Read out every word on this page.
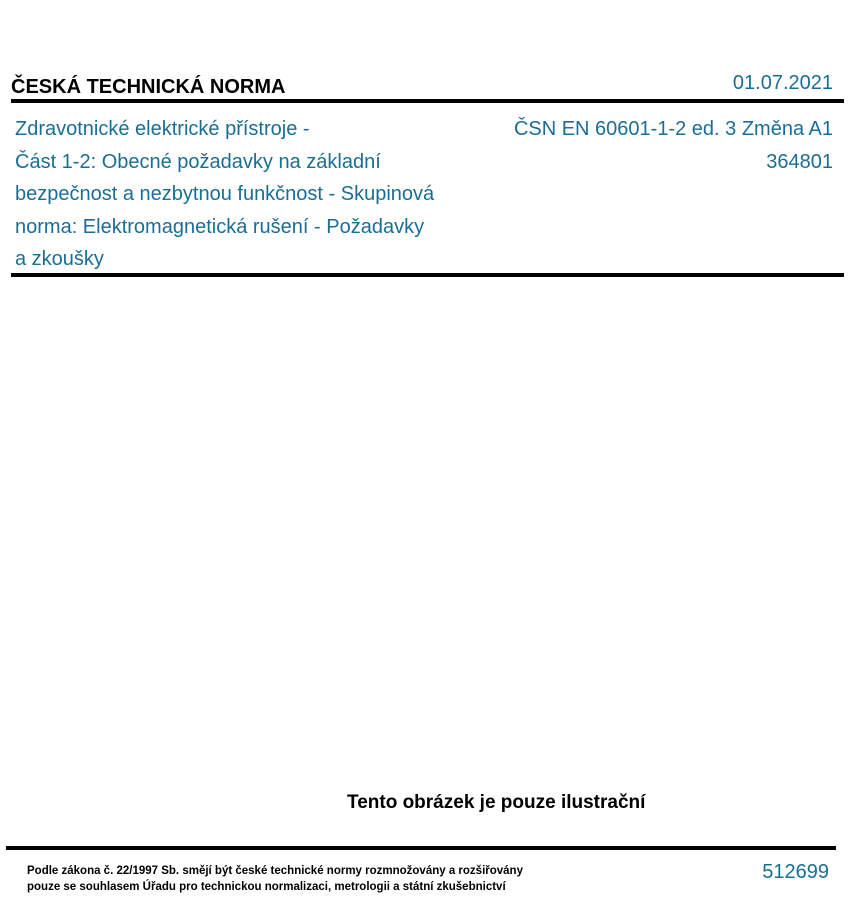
ČESKÁ TECHNICKÁ NORMA	01.07.2021
Zdravotnické elektrické přístroje -
Část 1-2: Obecné požadavky na základní
bezpečnost a nezbytnou funkčnost - Skupinová
norma: Elektromagnetická rušení - Požadavky
a zkoušky
ČSN EN 60601-1-2 ed. 3 Změna A1
364801
Tento obrázek je pouze ilustrační
Podle zákona č. 22/1997 Sb. smějí být české technické normy rozmnožovány a rozšiřovány
pouze se souhlasem Úřadu pro technickou normalizaci, metrologii a státní zkušebnictví
512699
